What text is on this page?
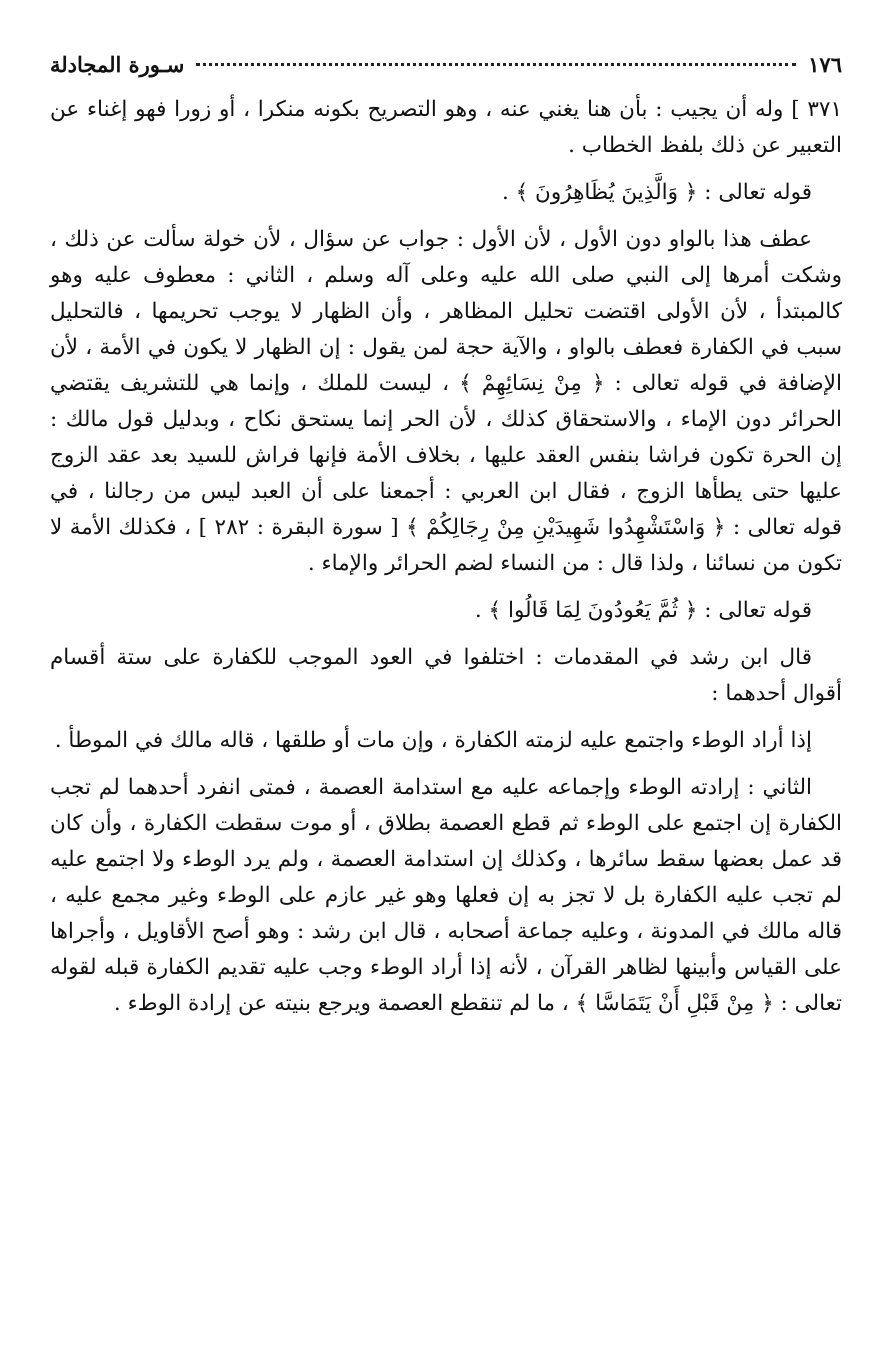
١٧٦
سـورة المجادلة

٣٧١ ] وله أن يجيب : بأن هنا يغني عنه ، وهو التصريح بكونه منكرا ، أو زورا فهو إغناء عن التعبير عن ذلك بلفظ الخطاب .

قوله تعالى : ﴿ وَالَّذِينَ يُظَاهِرُونَ ﴾ .

عطف هذا بالواو دون الأول ، لأن الأول : جواب عن سؤال ، لأن خولة سألت عن ذلك ، وشكت أمرها إلى النبي صلى الله عليه وعلى آله وسلم ، الثاني : معطوف عليه وهو كالمبتدأ ، لأن الأولى اقتضت تحليل المظاهر ، وأن الظهار لا يوجب تحريمها ، فالتحليل سبب في الكفارة فعطف بالواو ، والآية حجة لمن يقول : إن الظهار لا يكون في الأمة ، لأن الإضافة في قوله تعالى : ﴿ مِنْ نِسَائِهِمْ ﴾ ، ليست للملك ، وإنما هي للتشريف يقتضي الحرائر دون الإماء ، والاستحقاق كذلك ، لأن الحر إنما يستحق نكاح ، وبدليل قول مالك : إن الحرة تكون فراشا بنفس العقد عليها ، بخلاف الأمة فإنها فراش للسيد بعد عقد الزوج عليها حتى يطأها الزوج ، فقال ابن العربي : أجمعنا على أن العبد ليس من رجالنا ، في قوله تعالى : ﴿ وَاسْتَشْهِدُوا شَهِيدَيْنِ مِنْ رِجَالِكُمْ ﴾ [ سورة البقرة : ٢٨٢ ] ، فكذلك الأمة لا تكون من نسائنا ، ولذا قال : من النساء لضم الحرائر والإماء .

قوله تعالى : ﴿ ثُمَّ يَعُودُونَ لِمَا قَالُوا ﴾ .

قال ابن رشد في المقدمات : اختلفوا في العود الموجب للكفارة على ستة أقسام أقوال أحدهما :

إذا أراد الوطء واجتمع عليه لزمته الكفارة ، وإن مات أو طلقها ، قاله مالك في الموطأ .

الثاني : إرادته الوطء وإجماعه عليه مع استدامة العصمة ، فمتى انفرد أحدهما لم تجب الكفارة إن اجتمع على الوطء ثم قطع العصمة بطلاق ، أو موت سقطت الكفارة ، وأن كان قد عمل بعضها سقط سائرها ، وكذلك إن استدامة العصمة ، ولم يرد الوطء ولا اجتمع عليه لم تجب عليه الكفارة بل لا تجز به إن فعلها وهو غير عازم على الوطء وغير مجمع عليه ، قاله مالك في المدونة ، وعليه جماعة أصحابه ، قال ابن رشد : وهو أصح الأقاويل ، وأجراها على القياس وأبينها لظاهر القرآن ، لأنه إذا أراد الوطء وجب عليه تقديم الكفارة قبله لقوله تعالى : ﴿ مِنْ قَبْلِ أَنْ يَتَمَاسَّا ﴾ ، ما لم تنقطع العصمة ويرجع بنيته عن إرادة الوطء .
